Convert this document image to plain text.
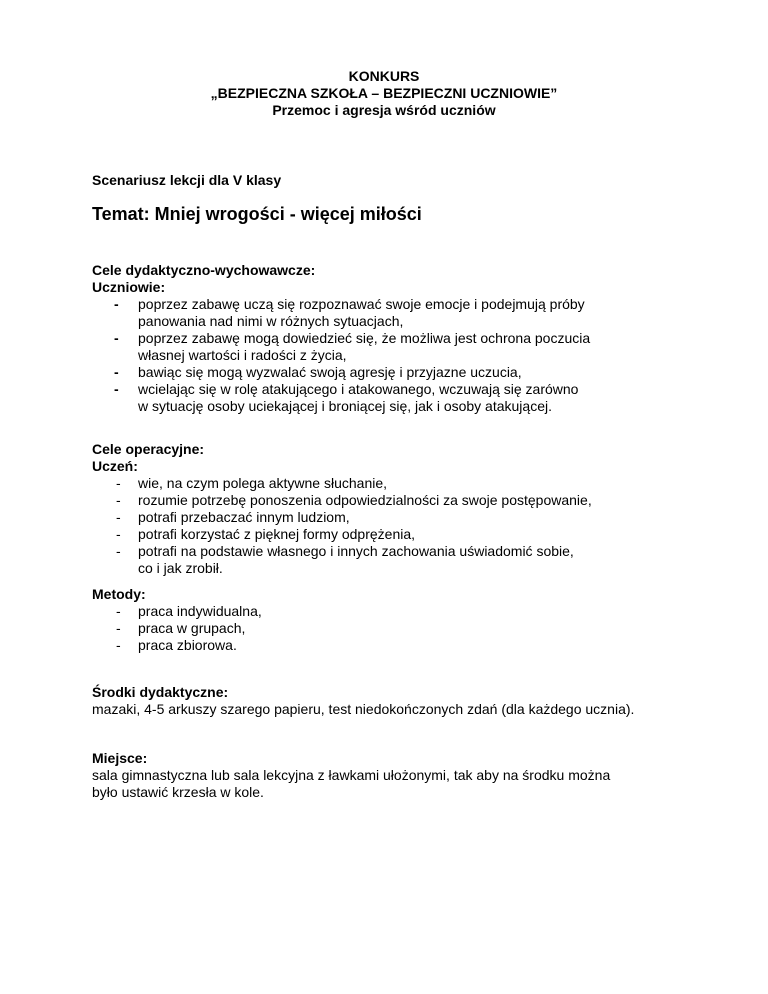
KONKURS
„BEZPIECZNA SZKOŁA – BEZPIECZNI UCZNIOWIE”
Przemoc i agresja wśród uczniów
Scenariusz lekcji dla V klasy
Temat: Mniej wrogości - więcej miłości
Cele dydaktyczno-wychowawcze:
Uczniowie:
- poprzez zabawę uczą się rozpoznawać swoje emocje i podejmują próby
panowania nad nimi w różnych sytuacjach,
- poprzez zabawę mogą dowiedzieć się, że możliwa jest ochrona poczucia
własnej wartości i radości z życia,
- bawiąc się mogą wyzwalać swoją agresję i przyjazne uczucia,
- wcielając się w rolę atakującego i atakowanego, wczuwają się zarówno
w sytuację osoby uciekającej i broniącej się, jak i osoby atakującej.
Cele operacyjne:
Uczeń:
- wie, na czym polega aktywne słuchanie,
- rozumie potrzebę ponoszenia odpowiedzialności za swoje postępowanie,
- potrafi przebaczać innym ludziom,
- potrafi korzystać z pięknej formy odprężenia,
- potrafi na podstawie własnego i innych zachowania uświadomić sobie,
co i jak zrobił.
Metody:
- praca indywidualna,
- praca w grupach,
- praca zbiorowa.
Środki dydaktyczne:
mazaki, 4-5 arkuszy szarego papieru, test niedokończonych zdań (dla każdego ucznia).
Miejsce:
sala gimnastyczna lub sala lekcyjna z ławkami ułożonymi, tak aby na środku można
było ustawić krzesła w kole.
